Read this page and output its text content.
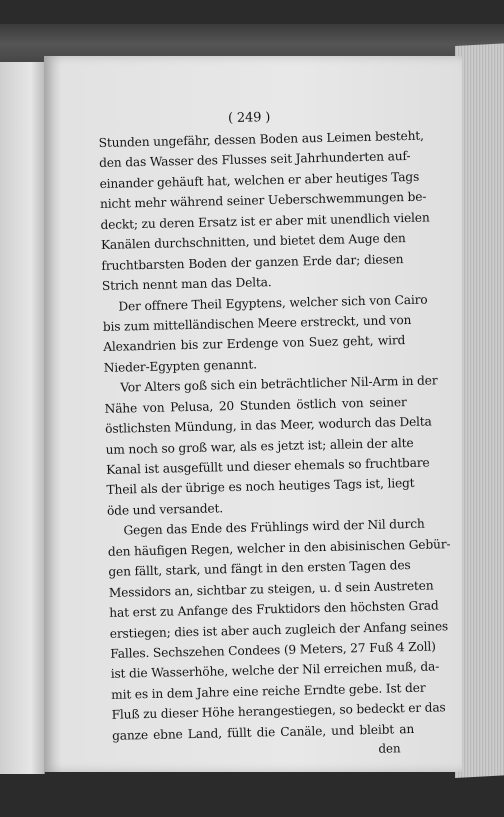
( 249 )
Stunden ungefähr, dessen Boden aus Leimen besteht,
den das Wasser des Flusses seit Jahrhunderten auf-
einander gehäuft hat, welchen er aber heutiges Tags
nicht mehr während seiner Ueberschwemmungen be-
deckt; zu deren Ersatz ist er aber mit unendlich vielen
Kanälen durchschnitten, und bietet dem Auge den
fruchtbarsten Boden der ganzen Erde dar; diesen
Strich nennt man das Delta.
Der offnere Theil Egyptens, welcher sich von Cairo
bis zum mittelländischen Meere erstreckt, und von
Alexandrien bis zur Erdenge von Suez geht, wird
Nieder-Egypten genannt.
Vor Alters goß sich ein beträchtlicher Nil-Arm in der
Nähe von Pelusa, 20 Stunden östlich von seiner
östlichsten Mündung, in das Meer, wodurch das Delta
um noch so groß war, als es jetzt ist; allein der alte
Kanal ist ausgefüllt und dieser ehemals so fruchtbare
Theil als der übrige es noch heutiges Tags ist, liegt
öde und versandet.
Gegen das Ende des Frühlings wird der Nil durch
den häufigen Regen, welcher in den abisinischen Gebür-
gen fällt, stark, und fängt in den ersten Tagen des
Messidors an, sichtbar zu steigen, u. d sein Austreten
hat erst zu Anfange des Fruktidors den höchsten Grad
erstiegen; dies ist aber auch zugleich der Anfang seines
Falles. Sechszehen Condees (9 Meters, 27 Fuß 4 Zoll)
ist die Wasserhöhe, welche der Nil erreichen muß, da-
mit es in dem Jahre eine reiche Erndte gebe. Ist der
Fluß zu dieser Höhe herangestiegen, so bedeckt er das
ganze ebne Land, füllt die Canäle, und bleibt an
den
